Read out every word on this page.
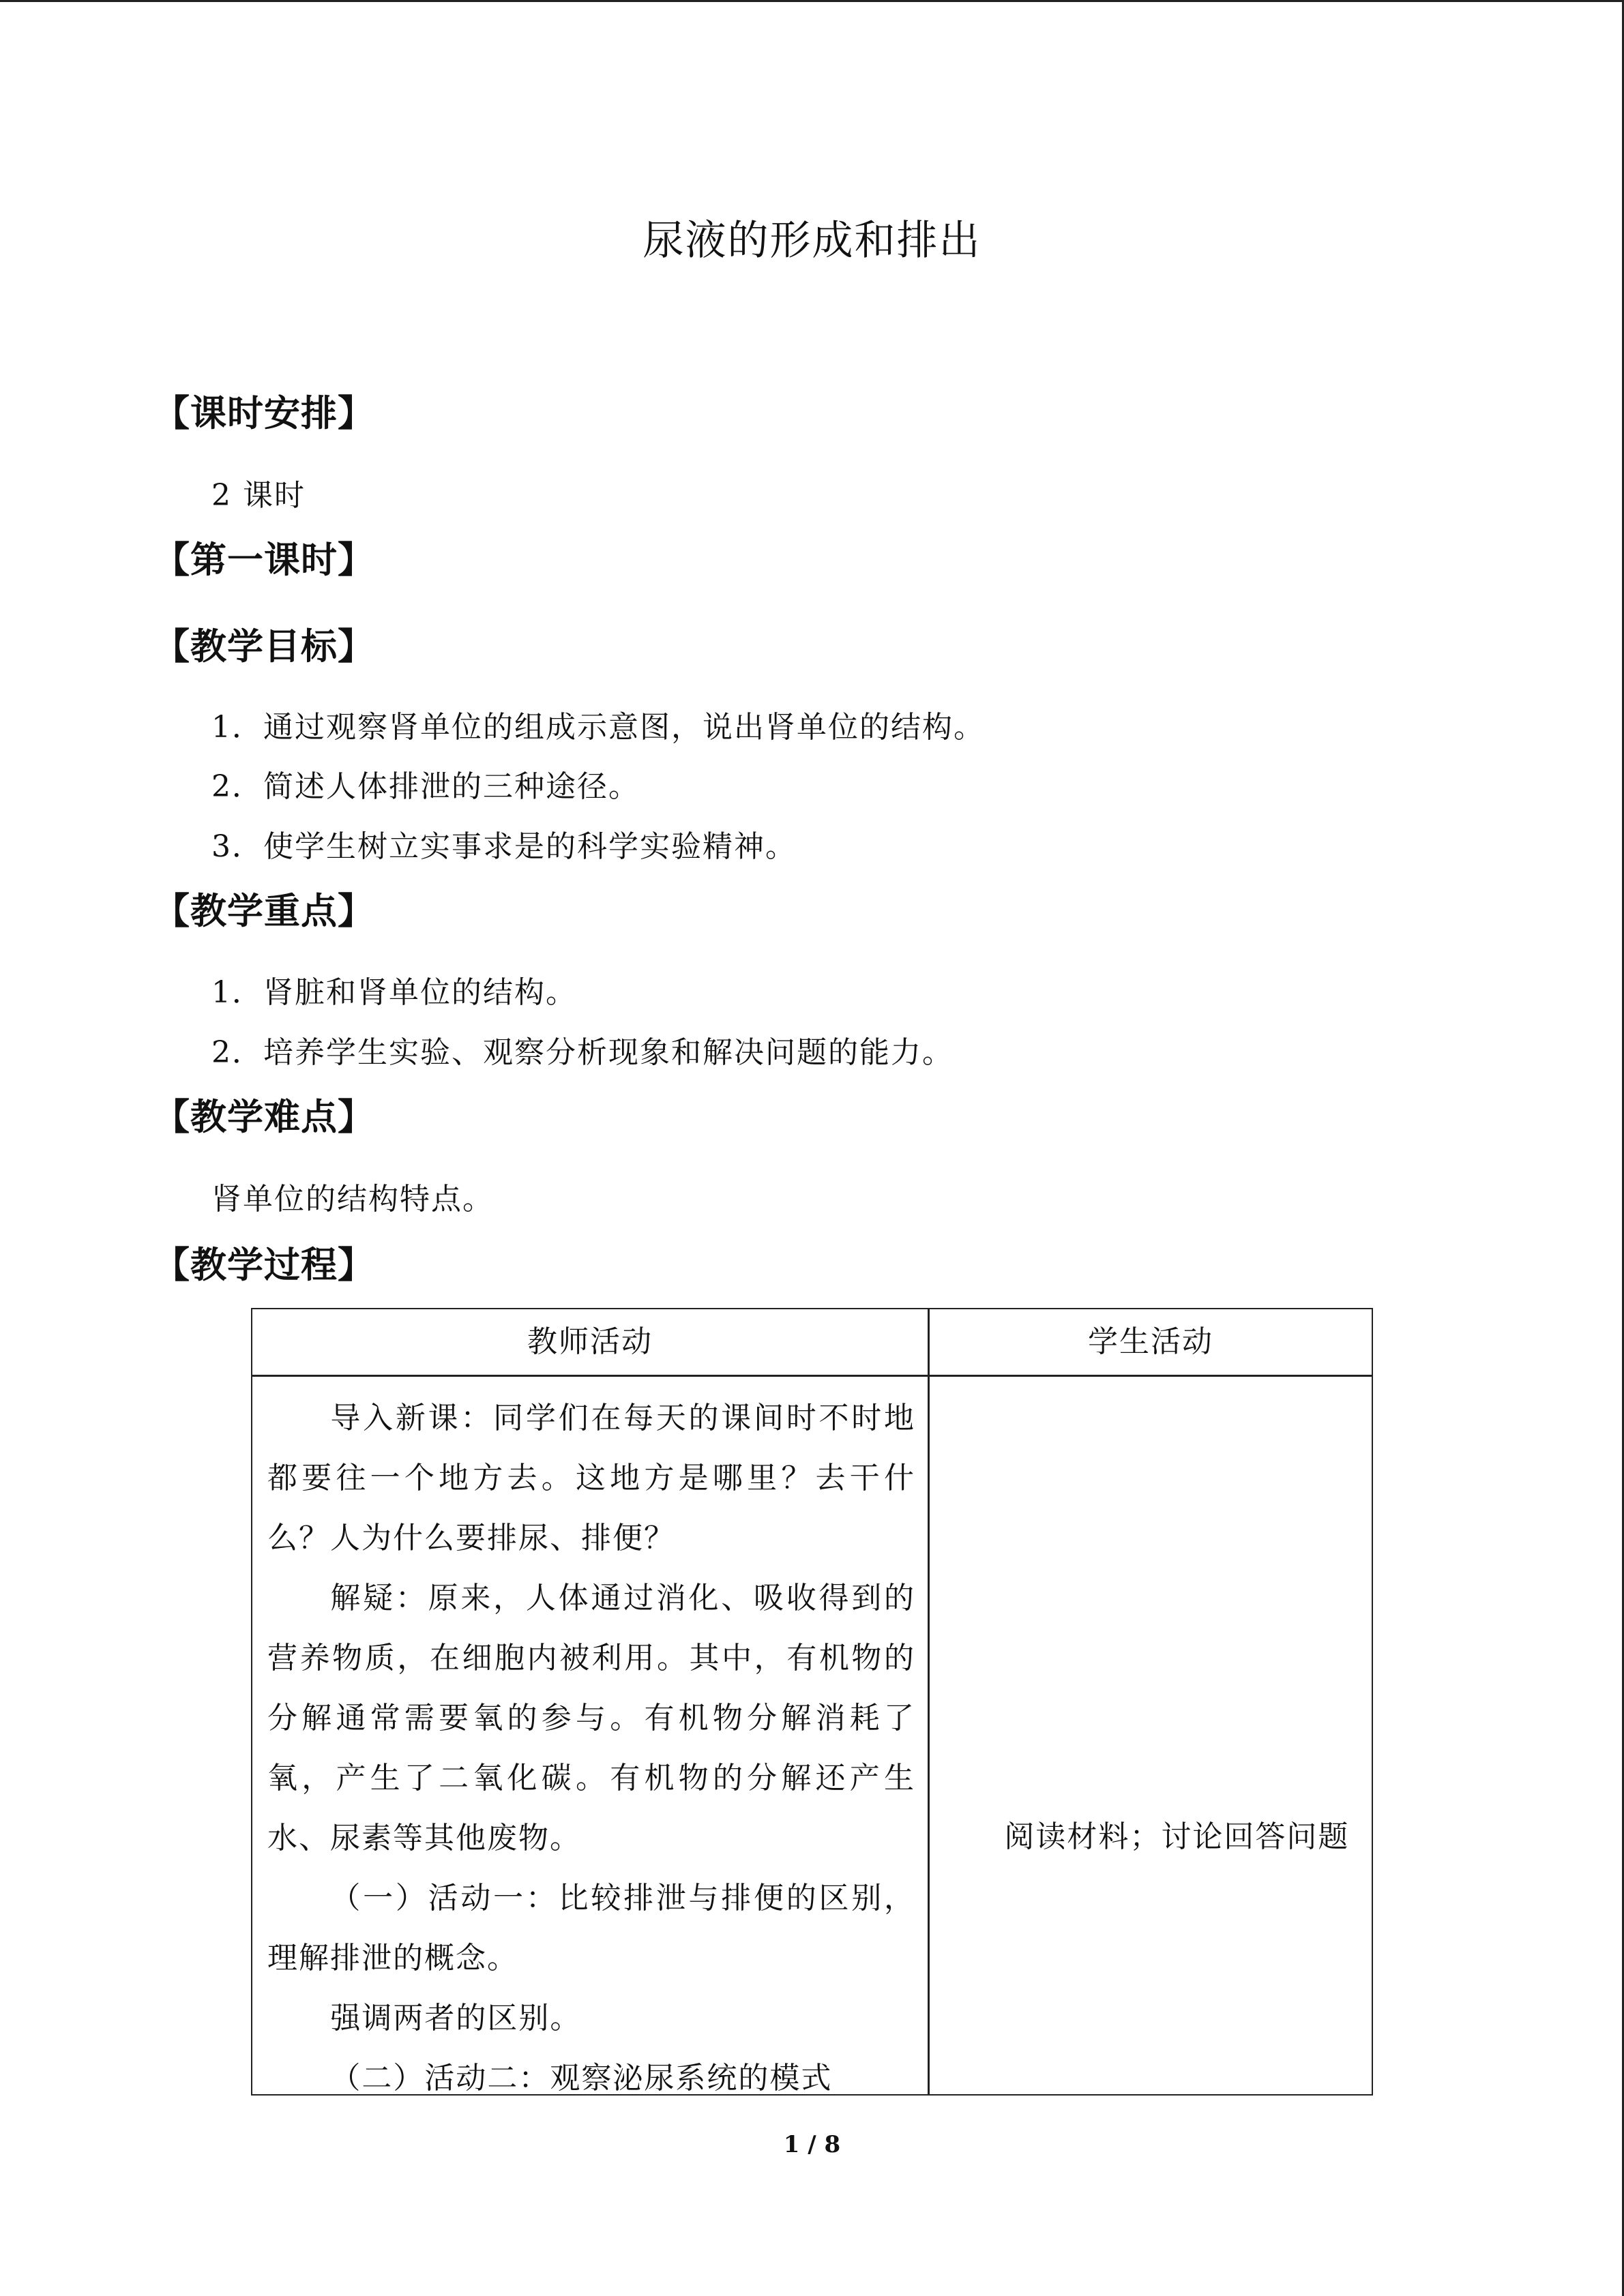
尿液的形成和排出
【课时安排】
2 课时
【第一课时】
【教学目标】
1．通过观察肾单位的组成示意图，说出肾单位的结构。
2．简述人体排泄的三种途径。
3．使学生树立实事求是的科学实验精神。
【教学重点】
1．肾脏和肾单位的结构。
2．培养学生实验、观察分析现象和解决问题的能力。
【教学难点】
肾单位的结构特点。
【教学过程】
教师活动	学生活动

导入新课：同学们在每天的课间时不时地都要往一个地方去。这地方是哪里？去干什么？人为什么要排尿、排便？

解疑：原来，人体通过消化、吸收得到的营养物质，在细胞内被利用。其中，有机物的分解通常需要氧的参与。有机物分解消耗了氧，产生了二氧化碳。有机物的分解还产生水、尿素等其他废物。

（一）活动一：比较排泄与排便的区别，理解排泄的概念。

强调两者的区别。

（二）活动二：观察泌尿系统的模式

阅读材料；讨论回答问题

1 / 8
